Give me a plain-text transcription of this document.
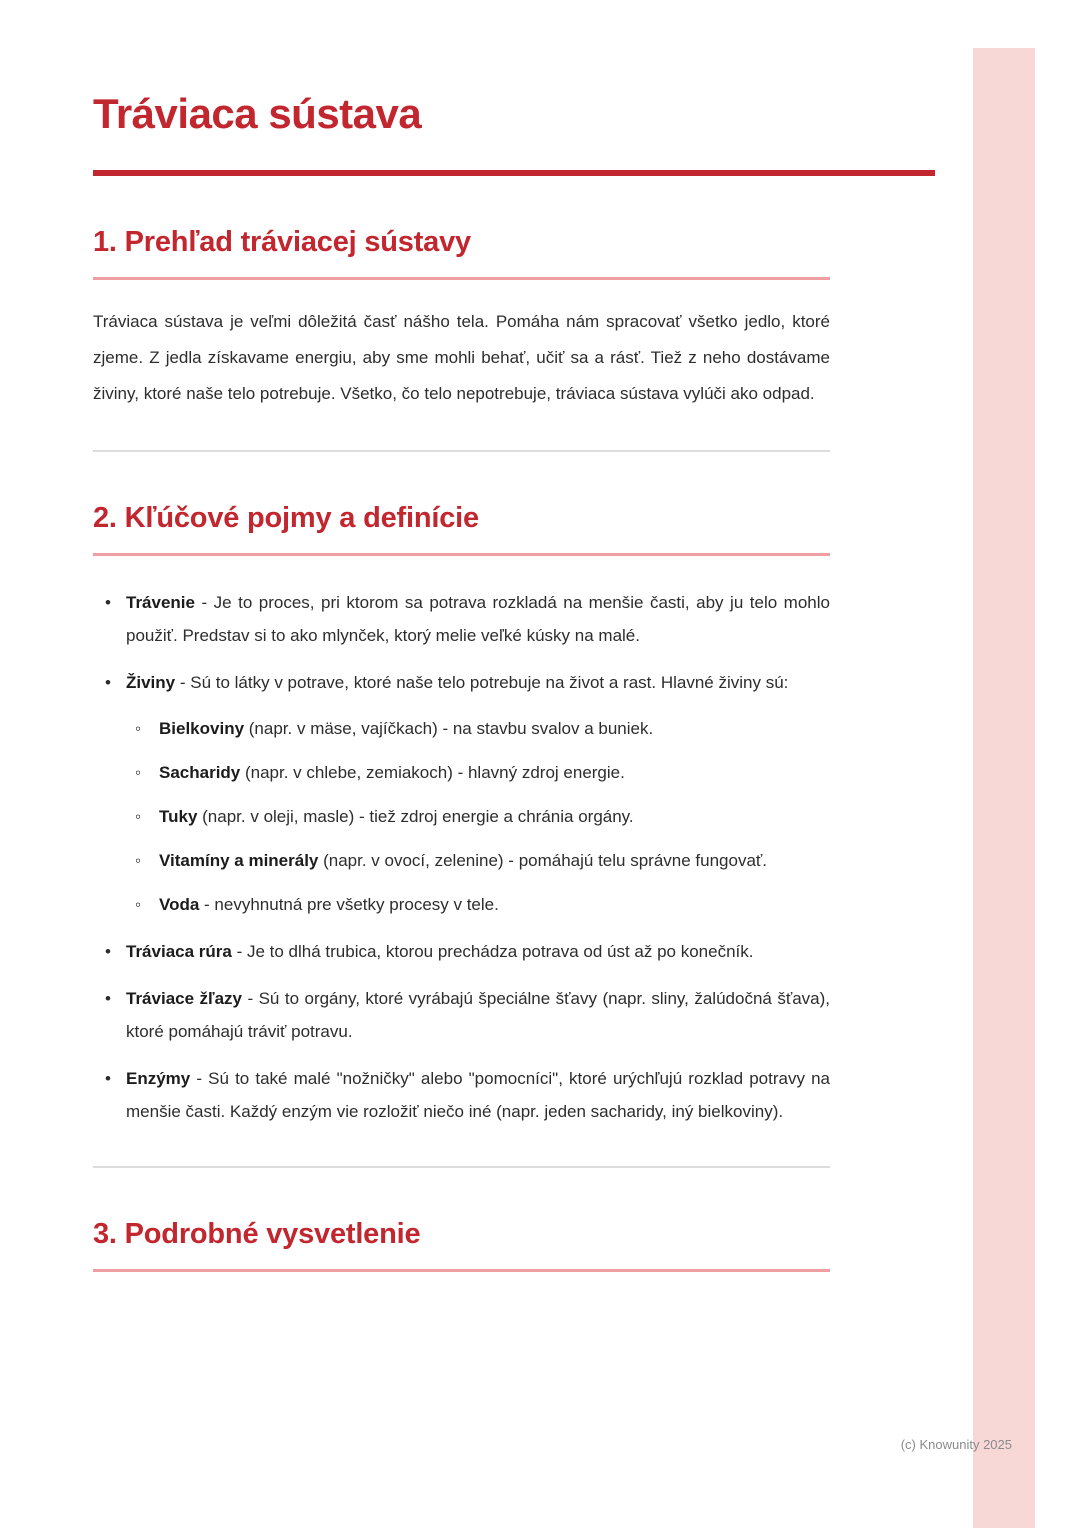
Tráviaca sústava
1. Prehľad tráviacej sústavy

Tráviaca sústava je veľmi dôležitá časť nášho tela. Pomáha nám spracovať všetko jedlo, ktoré zjeme. Z jedla získavame energiu, aby sme mohli behať, učiť sa a rásť. Tiež z neho dostávame živiny, ktoré naše telo potrebuje. Všetko, čo telo nepotrebuje, tráviaca sústava vylúči ako odpad.

2. Kľúčové pojmy a definície
• Trávenie - Je to proces, pri ktorom sa potrava rozkladá na menšie časti, aby ju telo mohlo použiť. Predstav si to ako mlynček, ktorý melie veľké kúsky na malé.
• Živiny - Sú to látky v potrave, ktoré naše telo potrebuje na život a rast. Hlavné živiny sú:
◦ Bielkoviny (napr. v mäse, vajíčkach) - na stavbu svalov a buniek.
◦ Sacharidy (napr. v chlebe, zemiakoch) - hlavný zdroj energie.
◦ Tuky (napr. v oleji, masle) - tiež zdroj energie a chránia orgány.
◦ Vitamíny a minerály (napr. v ovocí, zelenine) - pomáhajú telu správne fungovať.
◦ Voda - nevyhnutná pre všetky procesy v tele.
• Tráviaca rúra - Je to dlhá trubica, ktorou prechádza potrava od úst až po konečník.
• Tráviace žľazy - Sú to orgány, ktoré vyrábajú špeciálne šťavy (napr. sliny, žalúdočná šťava), ktoré pomáhajú tráviť potravu.
• Enzýmy - Sú to také malé "nožničky" alebo "pomocníci", ktoré urýchľujú rozklad potravy na menšie časti. Každý enzým vie rozložiť niečo iné (napr. jeden sacharidy, iný bielkoviny).
3. Podrobné vysvetlenie
(c) Knowunity 2025
